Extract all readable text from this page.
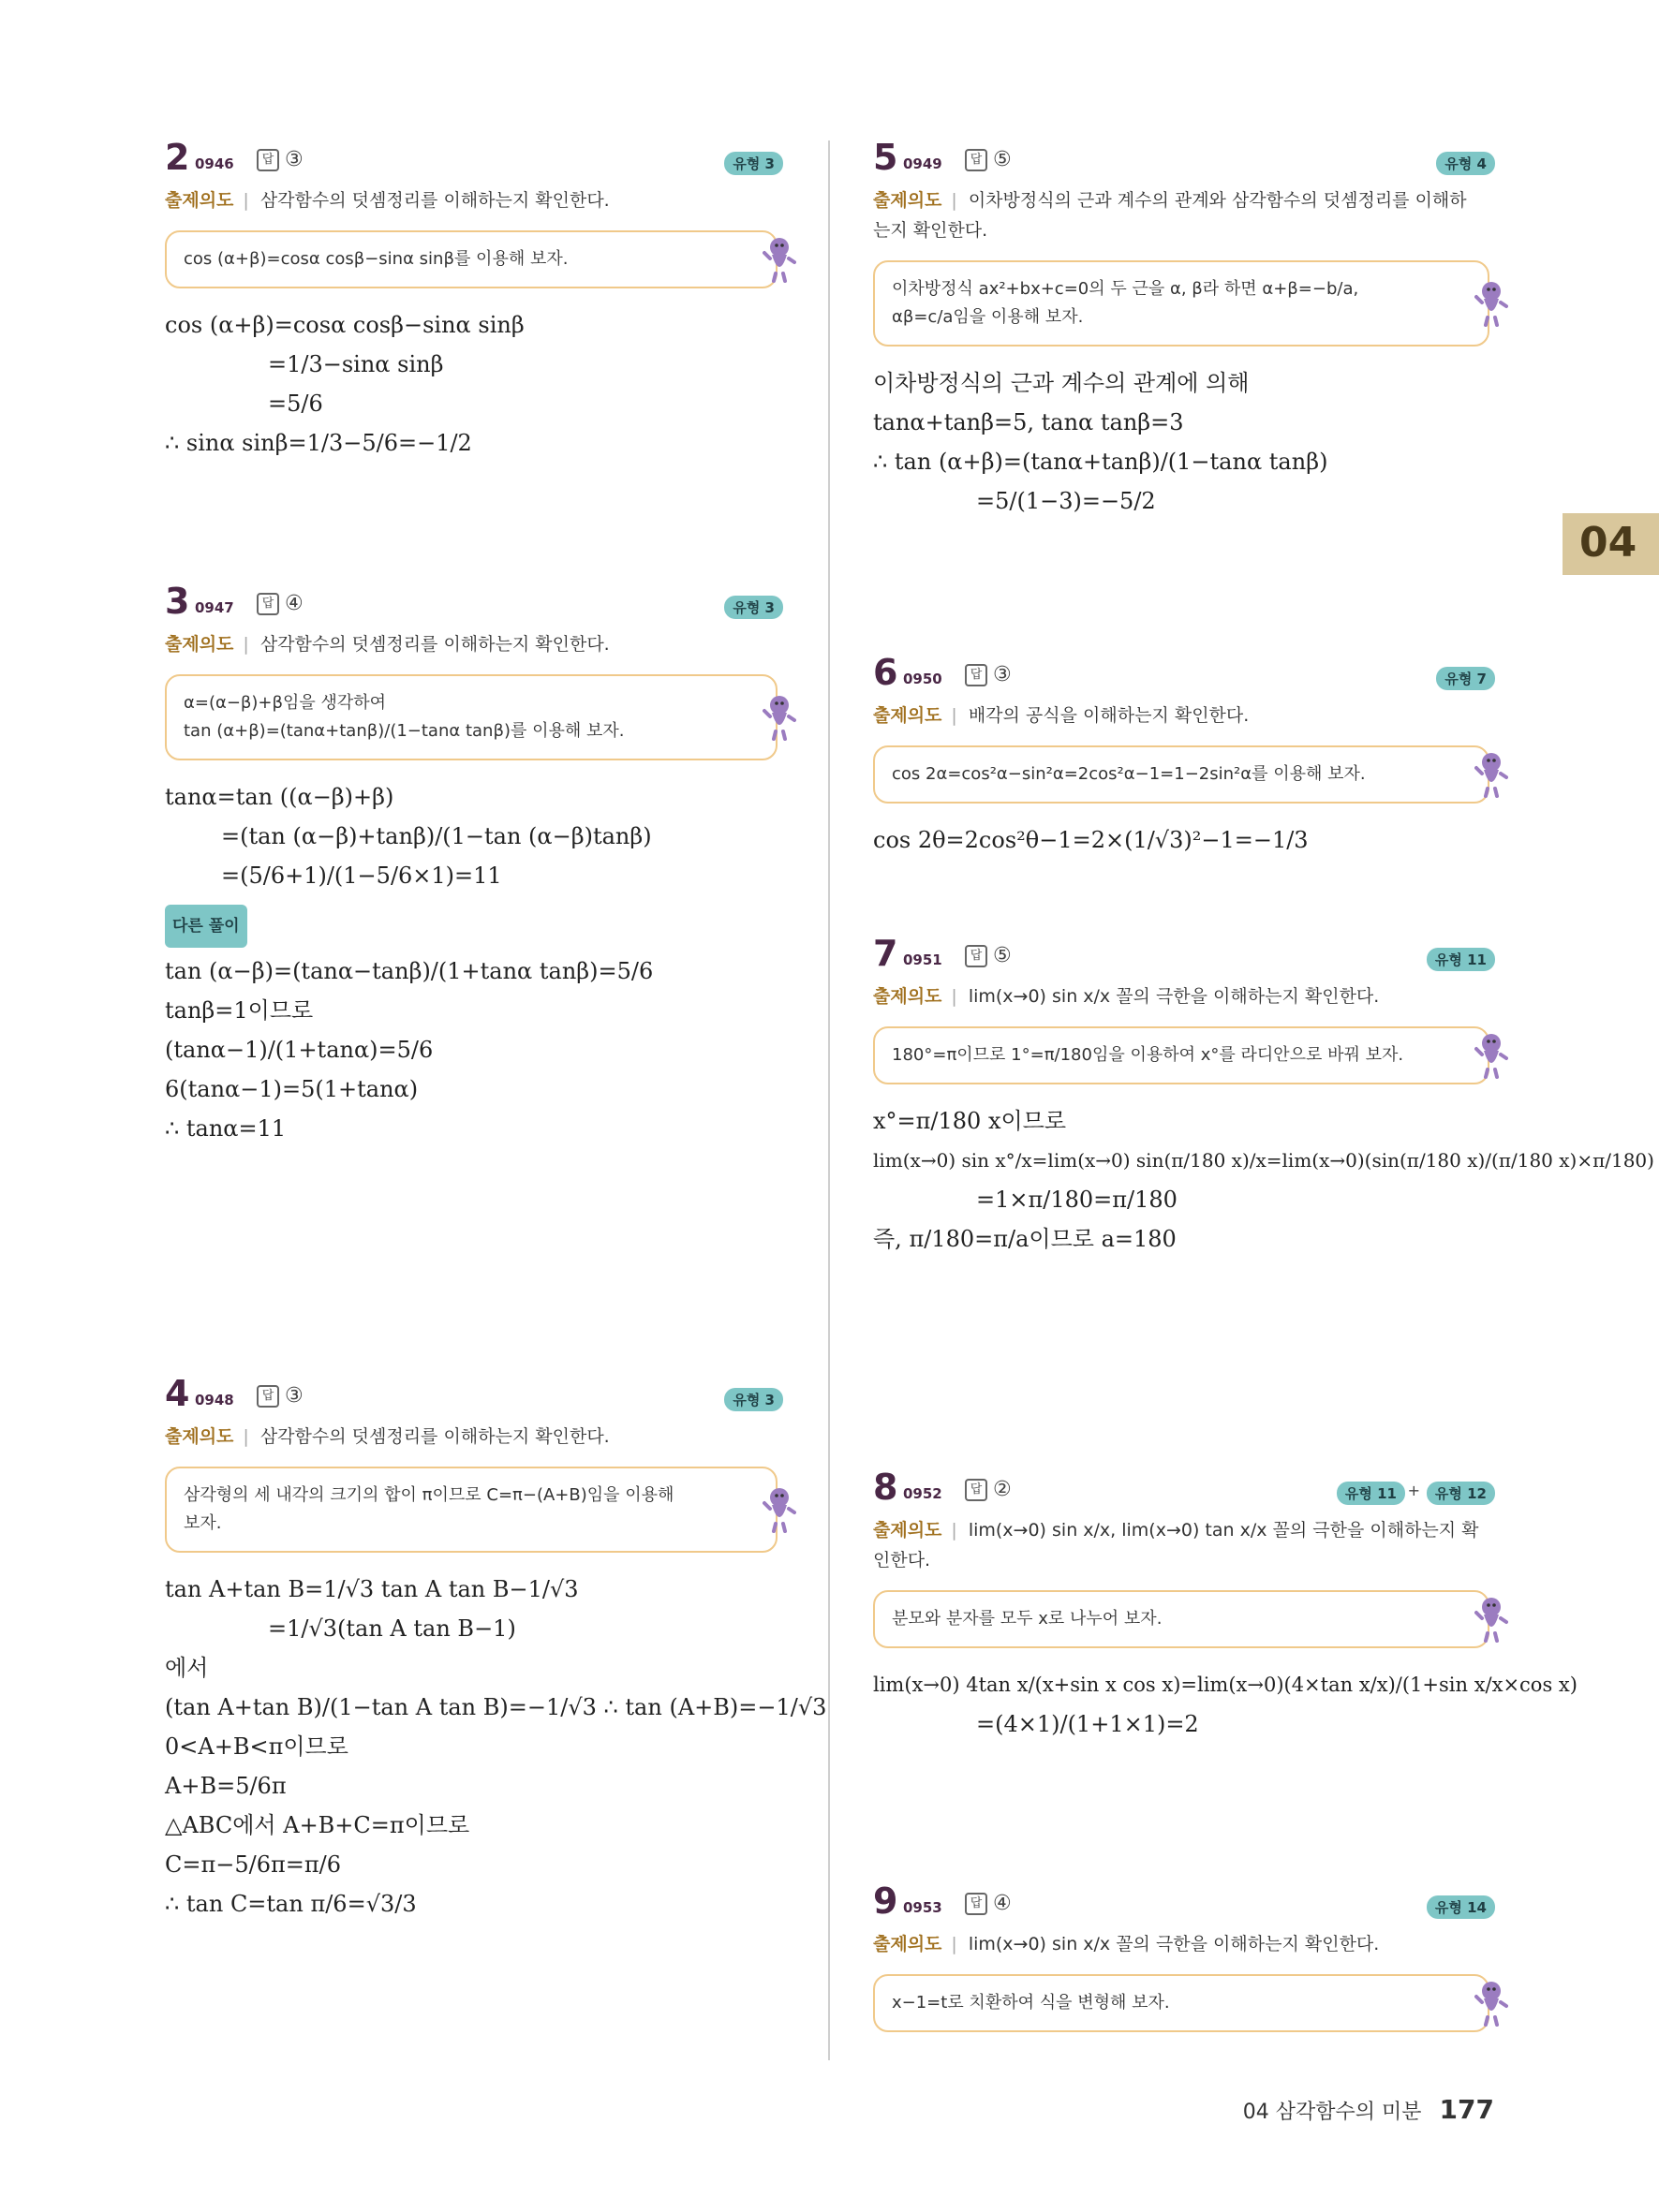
04
2 0946	답 ③	유형 3
출제의도 | 삼각함수의 덧셈정리를 이해하는지 확인한다.
cos (α+β)=cosα cosβ−sinα sinβ를 이용해 보자.
cos (α+β)=cosα cosβ−sinα sinβ
=1/3−sinα sinβ
=5/6
∴ sinα sinβ=1/3−5/6=−1/2
3 0947	답 ④	유형 3
출제의도 | 삼각함수의 덧셈정리를 이해하는지 확인한다.
α=(α−β)+β임을 생각하여
tan (α+β)=(tanα+tanβ)/(1−tanα tanβ)를 이용해 보자.
tanα=tan ((α−β)+β)
=(tan (α−β)+tanβ)/(1−tan (α−β)tanβ)
=(5/6+1)/(1−5/6×1)=11
다른 풀이
tan (α−β)=(tanα−tanβ)/(1+tanα tanβ)=5/6
tanβ=1이므로
(tanα−1)/(1+tanα)=5/6
6(tanα−1)=5(1+tanα)
∴ tanα=11
4 0948	답 ③	유형 3
출제의도 | 삼각함수의 덧셈정리를 이해하는지 확인한다.
삼각형의 세 내각의 크기의 합이 π이므로 C=π−(A+B)임을 이용해
보자.
tan A+tan B=1/√3 tan A tan B−1/√3
=1/√3(tan A tan B−1)
에서
(tan A+tan B)/(1−tan A tan B)=−1/√3 ∴ tan (A+B)=−1/√3
0<A+B<π이므로
A+B=5/6π
△ABC에서 A+B+C=π이므로
C=π−5/6π=π/6
∴ tan C=tan π/6=√3/3
5 0949	답 ⑤	유형 4
출제의도 | 이차방정식의 근과 계수의 관계와 삼각함수의 덧셈정리를 이해하
는지 확인한다.
이차방정식 ax²+bx+c=0의 두 근을 α, β라 하면 α+β=−b/a,
αβ=c/a임을 이용해 보자.
이차방정식의 근과 계수의 관계에 의해
tanα+tanβ=5, tanα tanβ=3
∴ tan (α+β)=(tanα+tanβ)/(1−tanα tanβ)
=5/(1−3)=−5/2
6 0950	답 ③	유형 7
출제의도 | 배각의 공식을 이해하는지 확인한다.
cos 2α=cos²α−sin²α=2cos²α−1=1−2sin²α를 이용해 보자.
cos 2θ=2cos²θ−1=2×(1/√3)²−1=−1/3
7 0951	답 ⑤	유형 11
출제의도 | lim(x→0) sin x/x 꼴의 극한을 이해하는지 확인한다.
180°=π이므로 1°=π/180임을 이용하여 x°를 라디안으로 바꿔 보자.
x°=π/180 x이므로
lim(x→0) sin x°/x=lim(x→0) sin(π/180 x)/x=lim(x→0)(sin(π/180 x)/(π/180 x)×π/180)
=1×π/180=π/180
즉, π/180=π/a이므로 a=180
8 0952	답 ②	유형 11 +	유형 12
출제의도 | lim(x→0) sin x/x, lim(x→0) tan x/x 꼴의 극한을 이해하는지 확인한다.
분모와 분자를 모두 x로 나누어 보자.
lim(x→0) 4tan x/(x+sin x cos x)=lim(x→0)(4×tan x/x)/(1+sin x/x×cos x)
=(4×1)/(1+1×1)=2
9 0953	답 ④	유형 14
출제의도 | lim(x→0) sin x/x 꼴의 극한을 이해하는지 확인한다.
x−1=t로 치환하여 식을 변형해 보자.
04 삼각함수의 미분 177
